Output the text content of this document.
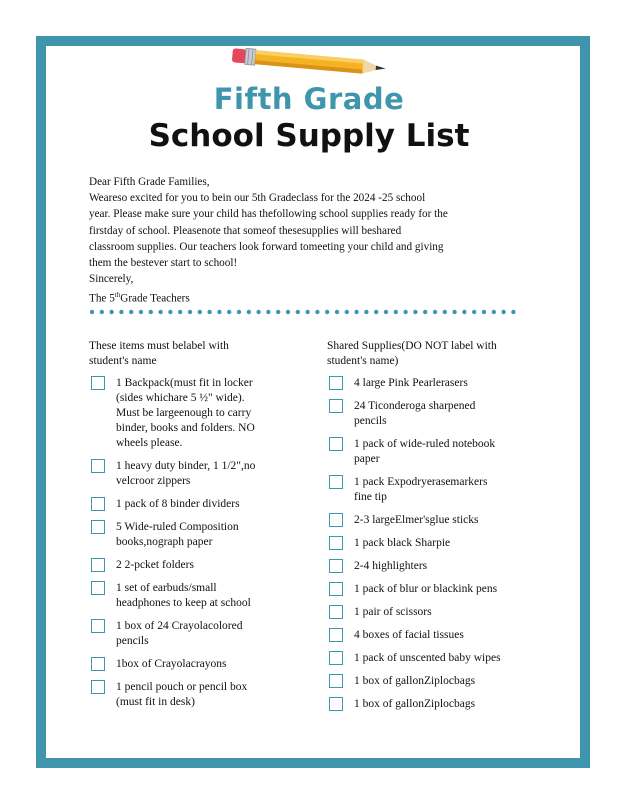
Fifth Grade
School Supply List
Dear Fifth Grade Families,
Weareso excited for you to bein our 5th Gradeclass for the 2024 -25 school
year. Please make sure your child has thefollowing school supplies ready for the
firstday of school. Pleasenote that someof thesesupplies will beshared
classroom supplies. Our teachers look forward tomeeting your child and giving
them the bestever start to school!
Sincerely,
The 5thGrade Teachers
These items must belabel with
student's name
1 Backpack(must fit in locker
(sides whichare 5 ½" wide).
Must be largeenough to carry
binder, books and folders. NO
wheels please.
1 heavy duty binder, 1 1/2",no
velcroor zippers
1 pack of 8 binder dividers
5 Wide-ruled Composition
books,nograph paper
2 2-pcket folders
1 set of earbuds/small
headphones to keep at school
1 box of 24 Crayolacolored
pencils
1box of Crayolacrayons
1 pencil pouch or pencil box
(must fit in desk)
Shared Supplies(DO NOT label with
student's name)
4 large Pink Pearlerasers
24 Ticonderoga sharpened
pencils
1 pack of wide-ruled notebook
paper
1 pack Expodryerasemarkers
fine tip
2-3 largeElmer'sglue sticks
1 pack black Sharpie
2-4 highlighters
1 pack of blur or blackink pens
1 pair of scissors
4 boxes of facial tissues
1 pack of unscented baby wipes
1 box of gallonZiplocbags
1 box of gallonZiplocbags
